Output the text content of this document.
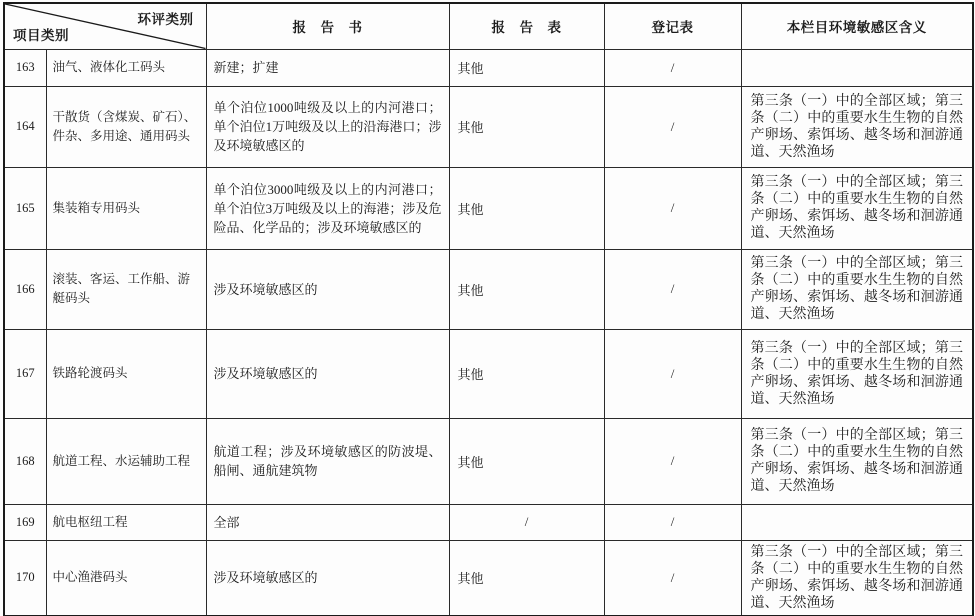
环评类别
项目类别		报　告　书	报　告　表	登记表	本栏目环境敏感区含义
163	油气、液体化工码头	新建；扩建	其他	/	
164	干散货（含煤炭、矿石）、件杂、多用途、通用码头	单个泊位1000吨级及以上的内河港口；单个泊位1万吨级及以上的沿海港口；涉及环境敏感区的	其他	/	第三条（一）中的全部区域；第三条（二）中的重要水生生物的自然产卵场、索饵场、越冬场和洄游通道、天然渔场
165	集装箱专用码头	单个泊位3000吨级及以上的内河港口；单个泊位3万吨级及以上的海港；涉及危险品、化学品的；涉及环境敏感区的	其他	/	第三条（一）中的全部区域；第三条（二）中的重要水生生物的自然产卵场、索饵场、越冬场和洄游通道、天然渔场
166	滚装、客运、工作船、游艇码头	涉及环境敏感区的	其他	/	第三条（一）中的全部区域；第三条（二）中的重要水生生物的自然产卵场、索饵场、越冬场和洄游通道、天然渔场
167	铁路轮渡码头	涉及环境敏感区的	其他	/	第三条（一）中的全部区域；第三条（二）中的重要水生生物的自然产卵场、索饵场、越冬场和洄游通道、天然渔场
168	航道工程、水运辅助工程	航道工程；涉及环境敏感区的防波堤、船闸、通航建筑物	其他	/	第三条（一）中的全部区域；第三条（二）中的重要水生生物的自然产卵场、索饵场、越冬场和洄游通道、天然渔场
169	航电枢纽工程	全部	/	/	
170	中心渔港码头	涉及环境敏感区的	其他	/	第三条（一）中的全部区域；第三条（二）中的重要水生生物的自然产卵场、索饵场、越冬场和洄游通道、天然渔场
